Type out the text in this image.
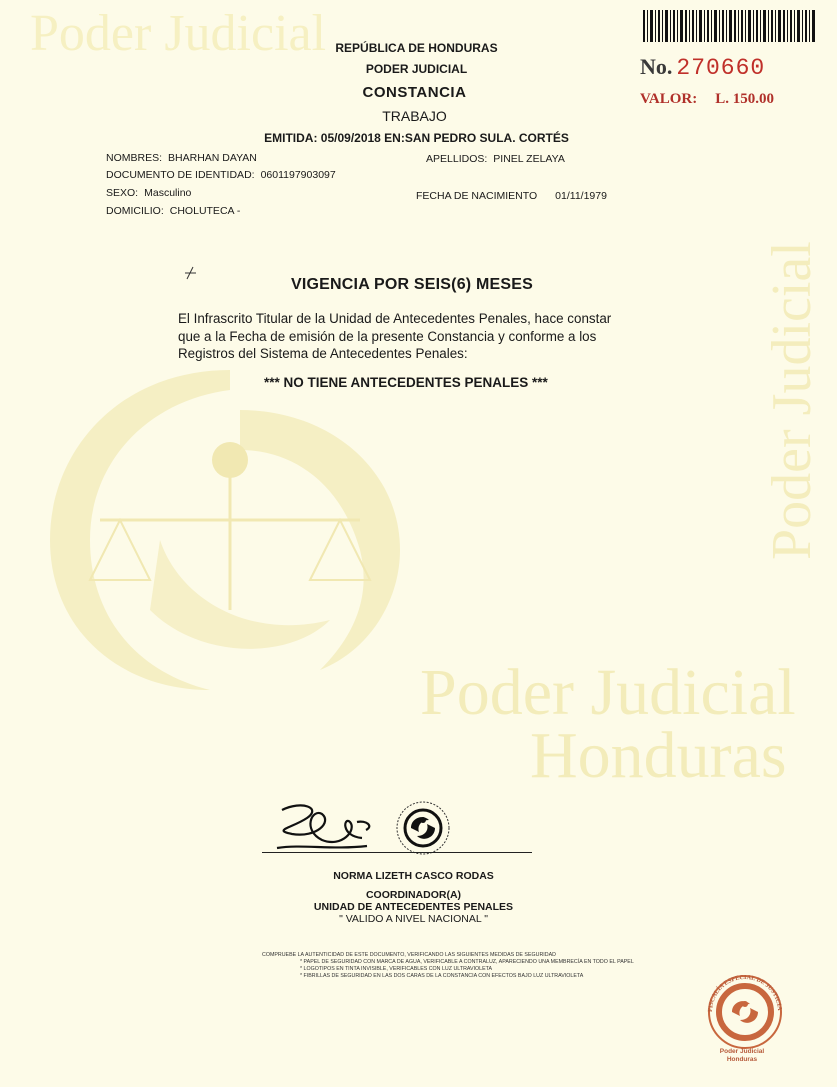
Poder Judicial
Poder Judicial
Poder Judicial
Honduras
REPÚBLICA DE HONDURAS
PODER JUDICIAL
CONSTANCIA
TRABAJO
EMITIDA: 05/09/2018 EN:SAN PEDRO SULA. CORTÉS
No. 270660
VALOR: L. 150.00
NOMBRES: BHARHAN DAYAN	APELLIDOS: PINEL ZELAYA
DOCUMENTO DE IDENTIDAD: 0601197903097
SEXO: Masculino	FECHA DE NACIMIENTO 01/11/1979
DOMICILIO: CHOLUTECA -
VIGENCIA POR SEIS(6) MESES
El Infrascrito Titular de la Unidad de Antecedentes Penales, hace constar
que a la Fecha de emisión de la presente Constancia y conforme a los
Registros del Sistema de Antecedentes Penales:
*** NO TIENE ANTECEDENTES PENALES ***
NORMA LIZETH CASCO RODAS
COORDINADOR(A)
UNIDAD DE ANTECEDENTES PENALES
" VALIDO A NIVEL NACIONAL "
COMPRUEBE LA AUTENTICIDAD DE ESTE DOCUMENTO, VERIFICANDO LAS SIGUIENTES MEDIDAS DE SEGURIDAD
* PAPEL DE SEGURIDAD CON MARCA DE AGUA, VERIFICABLE A CONTRALUZ, APARECIENDO UNA MEMBRECÍA EN TODO EL PAPEL
* LOGOTIPOS EN TINTA INVISIBLE, VERIFICABLES CON LUZ ULTRAVIOLETA
* FIBRILLAS DE SEGURIDAD EN LAS DOS CARAS DE LA CONSTANCIA CON EFECTOS BAJO LUZ ULTRAVIOLETA
FISCALÍA ESPECIAL DE JUSTICIA
Poder Judicial
Honduras
